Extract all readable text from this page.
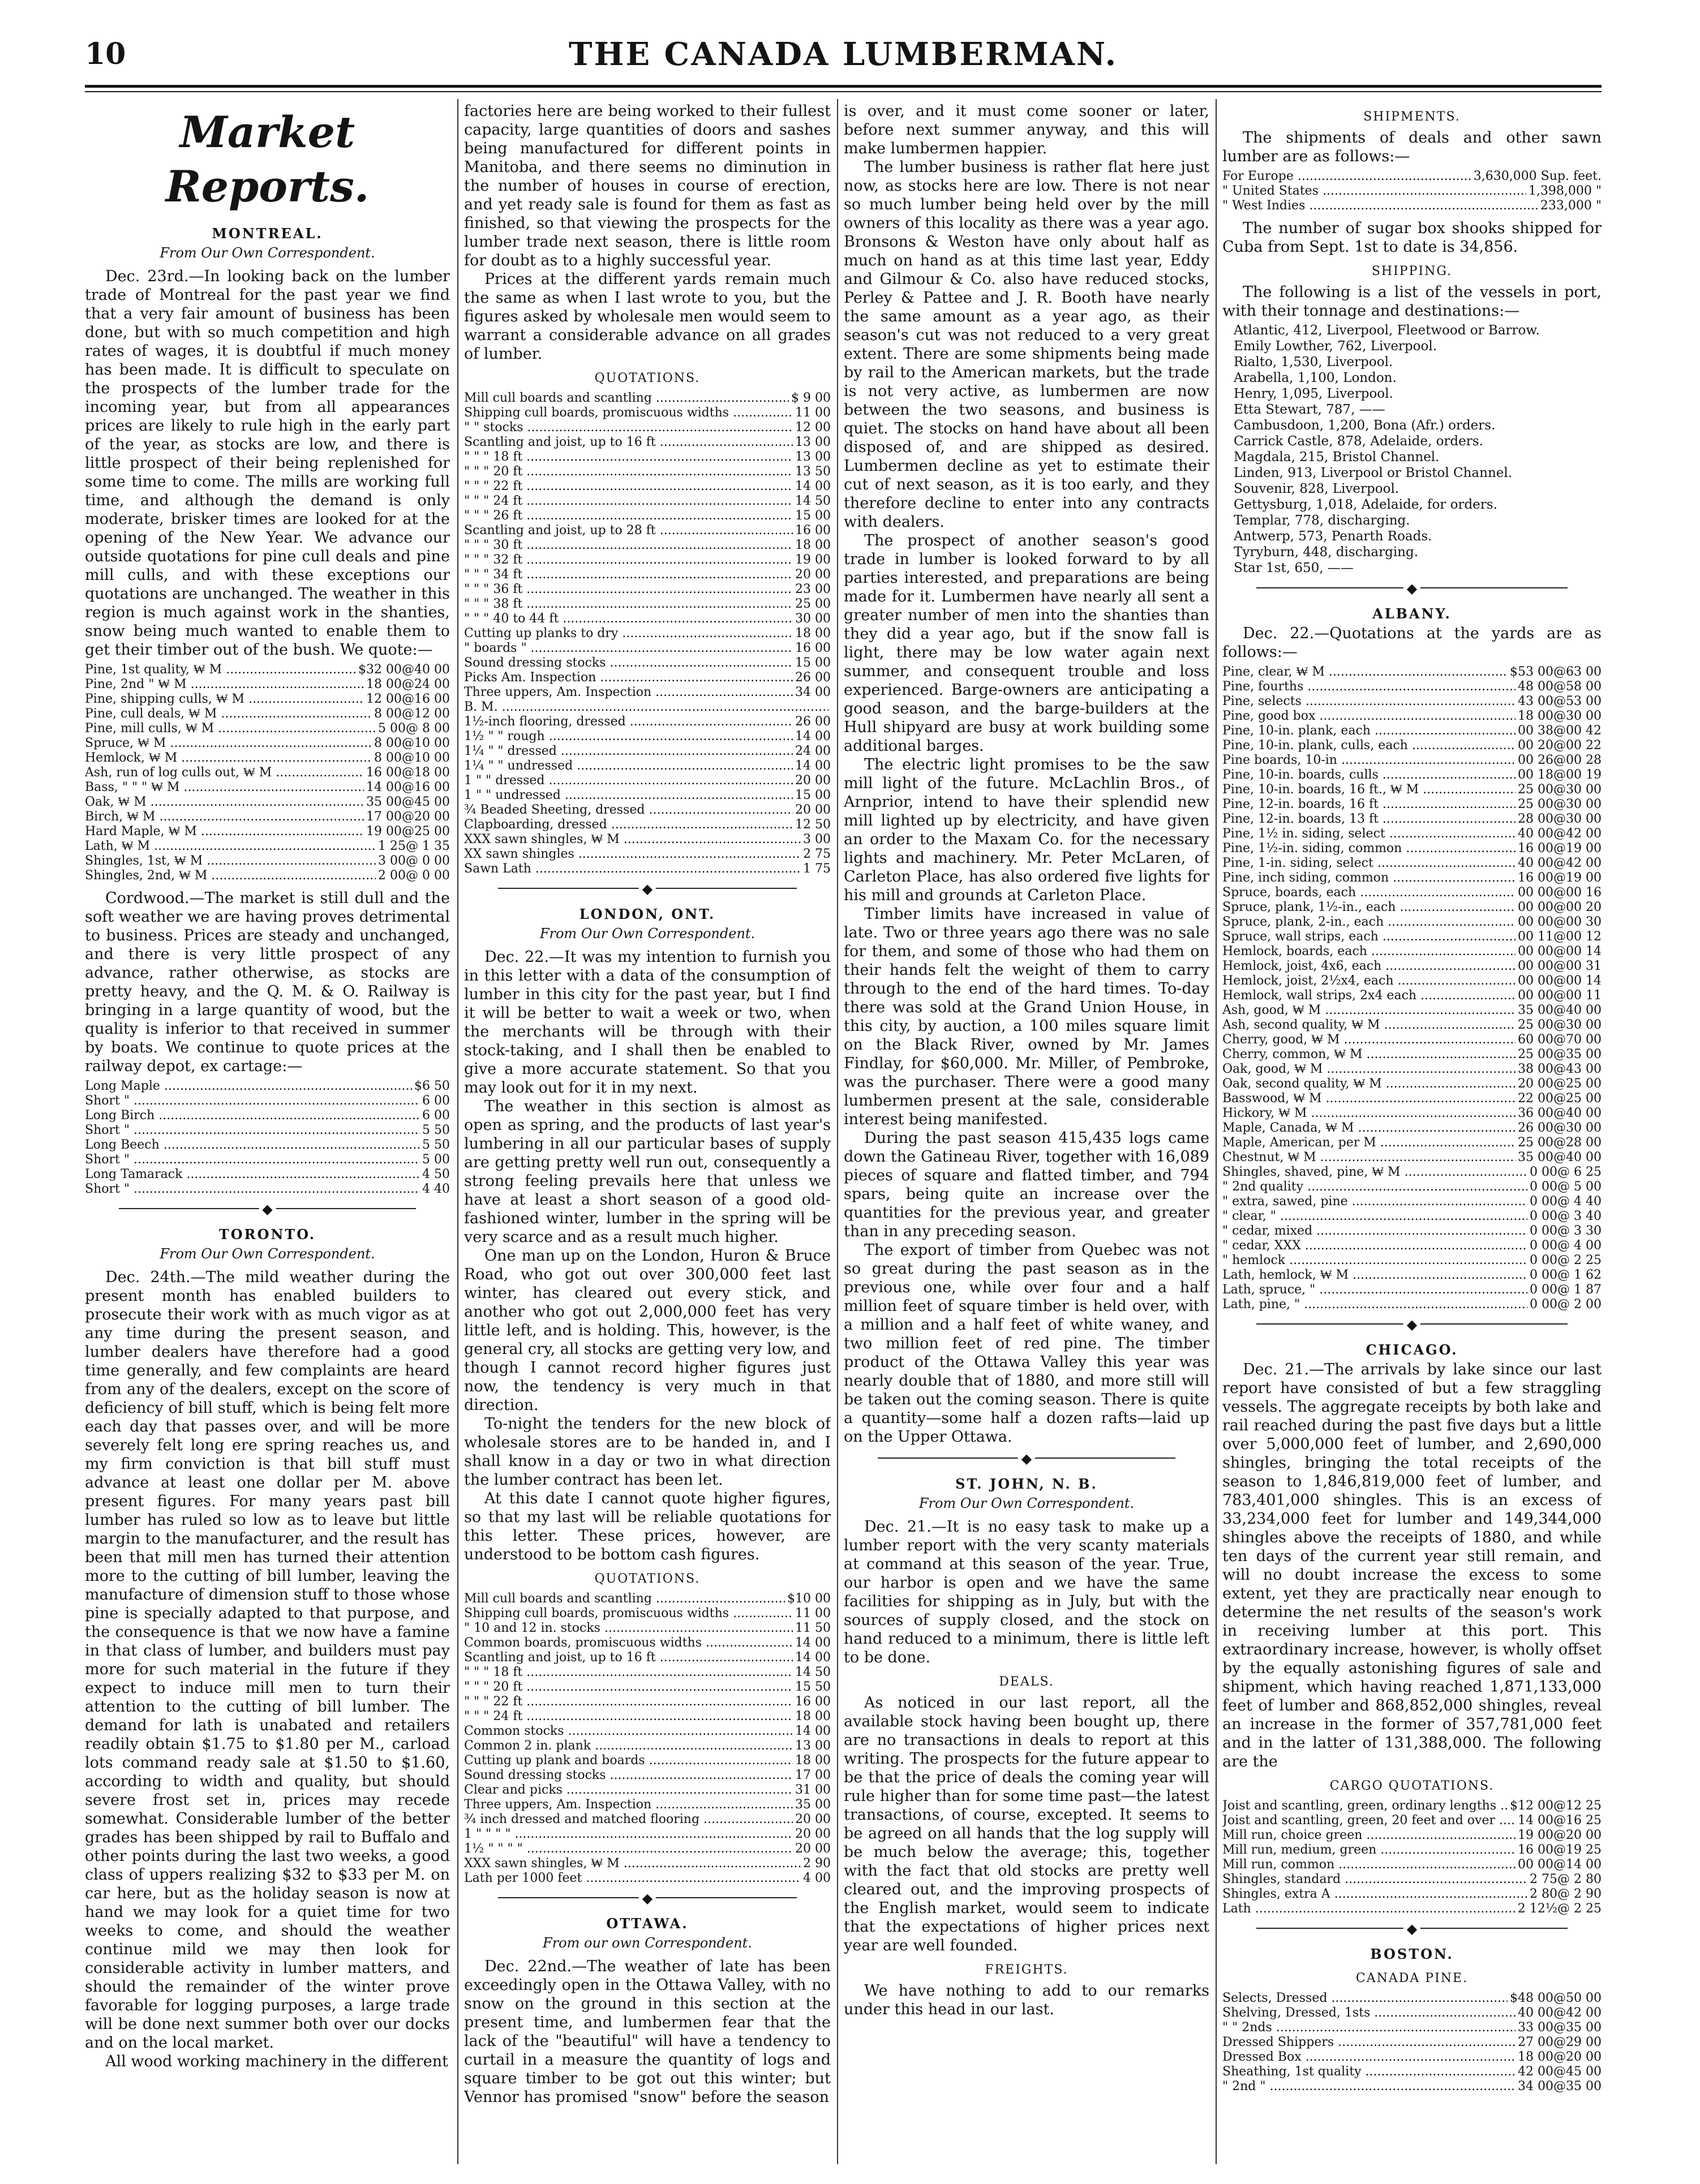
10	THE CANADA LUMBERMAN.
Market Reports.
MONTREAL.
From Our Own Correspondent.

Dec. 23rd.—In looking back on the lumber trade of Montreal for the past year we find that a very fair amount of business has been done, but with so much competition and high rates of wages, it is doubtful if much money has been made. It is difficult to speculate on the prospects of the lumber trade for the incoming year, but from all appearances prices are likely to rule high in the early part of the year, as stocks are low, and there is little prospect of their being replenished for some time to come. The mills are working full time, and although the demand is only moderate, brisker times are looked for at the opening of the New Year. We advance our outside quotations for pine cull deals and pine mill culls, and with these exceptions our quotations are unchanged. The weather in this region is much against work in the shanties, snow being much wanted to enable them to get their timber out of the bush. We quote:—

Pine, 1st quality, ₩ M .....	$32 00@40 00
Pine, 2nd " ₩ M .....	18 00@24 00
Pine, shipping culls, ₩ M .....	12 00@16 00
Pine, cull deals, ₩ M .....	8 00@12 00
Pine, mill culls, ₩ M .....	5 00@ 8 00
Spruce, ₩ M .....	8 00@10 00
Hemlock, ₩ M .....	8 00@10 00
Ash, run of log culls out, ₩ M .....	16 00@18 00
Bass, " " " ₩ M .....	14 00@16 00
Oak, ₩ M .....	35 00@45 00
Birch, ₩ M .....	17 00@20 00
Hard Maple, ₩ M .....	19 00@25 00
Lath, ₩ M .....	1 25@ 1 35
Shingles, 1st, ₩ M .....	3 00@ 0 00
Shingles, 2nd, ₩ M .....	2 00@ 0 00

Cordwood.—The market is still dull and the soft weather we are having proves detrimental to business. Prices are steady and unchanged, and there is very little prospect of any advance, rather otherwise, as stocks are pretty heavy, and the Q. M. & O. Railway is bringing in a large quantity of wood, but the quality is inferior to that received in summer by boats. We continue to quote prices at the railway depot, ex cartage:—

Long Maple .....	$6 50
Short " .....	6 00
Long Birch .....	6 00
Short " .....	5 50
Long Beech .....	5 50
Short " .....	5 00
Long Tamarack .....	4 50
Short " .....	4 40
◆
TORONTO.
From Our Own Correspondent.

Dec. 24th.—The mild weather during the present month has enabled builders to prosecute their work with as much vigor as at any time during the present season, and lumber dealers have therefore had a good time generally, and few complaints are heard from any of the dealers, except on the score of deficiency of bill stuff, which is being felt more each day that passes over, and will be more severely felt long ere spring reaches us, and my firm conviction is that bill stuff must advance at least one dollar per M. above present figures. For many years past bill lumber has ruled so low as to leave but little margin to the manufacturer, and the result has been that mill men has turned their attention more to the cutting of bill lumber, leaving the manufacture of dimension stuff to those whose pine is specially adapted to that purpose, and the consequence is that we now have a famine in that class of lumber, and builders must pay more for such material in the future if they expect to induce mill men to turn their attention to the cutting of bill lumber. The demand for lath is unabated and retailers readily obtain $1.75 to $1.80 per M., carload lots command ready sale at $1.50 to $1.60, according to width and quality, but should severe frost set in, prices may recede somewhat. Considerable lumber of the better grades has been shipped by rail to Buffalo and other points during the last two weeks, a good class of uppers realizing $32 to $33 per M. on car here, but as the holiday season is now at hand we may look for a quiet time for two weeks to come, and should the weather continue mild we may then look for considerable activity in lumber matters, and should the remainder of the winter prove favorable for logging purposes, a large trade will be done next summer both over our docks and on the local market.

All wood working machinery in the different

factories here are being worked to their fullest capacity, large quantities of doors and sashes being manufactured for different points in Manitoba, and there seems no diminution in the number of houses in course of erection, and yet ready sale is found for them as fast as finished, so that viewing the prospects for the lumber trade next season, there is little room for doubt as to a highly successful year.

Prices at the different yards remain much the same as when I last wrote to you, but the figures asked by wholesale men would seem to warrant a considerable advance on all grades of lumber.

QUOTATIONS.
Mill cull boards and scantling .....	$ 9 00
Shipping cull boards, promiscuous widths .....	11 00
" " stocks .....	12 00
Scantling and joist, up to 16 ft .....	13 00
" " " 18 ft .....	13 00
" " " 20 ft .....	13 50
" " " 22 ft .....	14 00
" " " 24 ft .....	14 50
" " " 26 ft .....	15 00
Scantling and joist, up to 28 ft .....	16 00
" " " 30 ft .....	18 00
" " " 32 ft .....	19 00
" " " 34 ft .....	20 00
" " " 36 ft .....	23 00
" " " 38 ft .....	25 00
" " " 40 to 44 ft .....	30 00
Cutting up planks to dry .....	18 00
" boards " .....	16 00
Sound dressing stocks .....	15 00
Picks Am. Inspection .....	26 00
Three uppers, Am. Inspection .....	34 00
B. M. .....
1½-inch flooring, dressed .....	26 00
1½ " " rough .....	14 00
1¼ " " dressed .....	24 00
1¼ " " undressed .....	14 00
1 " " dressed .....	20 00
1 " " undressed .....	15 00
¾ Beaded Sheeting, dressed .....	20 00
Clapboarding, dressed .....	12 50
XXX sawn shingles, ₩ M .....	3 00
XX sawn shingles .....	2 75
Sawn Lath .....	1 75
◆
LONDON, ONT.
From Our Own Correspondent.

Dec. 22.—It was my intention to furnish you in this letter with a data of the consumption of lumber in this city for the past year, but I find it will be better to wait a week or two, when the merchants will be through with their stock-taking, and I shall then be enabled to give a more accurate statement. So that you may look out for it in my next.

The weather in this section is almost as open as spring, and the products of last year's lumbering in all our particular bases of supply are getting pretty well run out, consequently a strong feeling prevails here that unless we have at least a short season of a good old-fashioned winter, lumber in the spring will be very scarce and as a result much higher.

One man up on the London, Huron & Bruce Road, who got out over 300,000 feet last winter, has cleared out every stick, and another who got out 2,000,000 feet has very little left, and is holding. This, however, is the general cry, all stocks are getting very low, and though I cannot record higher figures just now, the tendency is very much in that direction.

To-night the tenders for the new block of wholesale stores are to be handed in, and I shall know in a day or two in what direction the lumber contract has been let.

At this date I cannot quote higher figures, so that my last will be reliable quotations for this letter. These prices, however, are understood to be bottom cash figures.

QUOTATIONS.
Mill cull boards and scantling .....	$10 00
Shipping cull boards, promiscuous widths .....	11 00
" 10 and 12 in. stocks .....	11 50
Common boards, promiscuous widths .....	14 00
Scantling and joist, up to 16 ft .....	14 00
" " " 18 ft .....	14 50
" " " 20 ft .....	15 50
" " " 22 ft .....	16 00
" " " 24 ft .....	18 00
Common stocks .....	14 00
Common 2 in. plank .....	13 00
Cutting up plank and boards .....	18 00
Sound dressing stocks .....	17 00
Clear and picks .....	31 00
Three uppers, Am. Inspection .....	35 00
¾ inch dressed and matched flooring .....	20 00
1 " " " " .....	20 00
1½ " " " " .....	20 00
XXX sawn shingles, ₩ M .....	2 90
Lath per 1000 feet .....	4 00
◆
OTTAWA.
From our own Correspondent.

Dec. 22nd.—The weather of late has been exceedingly open in the Ottawa Valley, with no snow on the ground in this section at the present time, and lumbermen fear that the lack of the "beautiful" will have a tendency to curtail in a measure the quantity of logs and square timber to be got out this winter; but Vennor has promised "snow" before the season

is over, and it must come sooner or later, before next summer anyway, and this will make lumbermen happier.

The lumber business is rather flat here just now, as stocks here are low. There is not near so much lumber being held over by the mill owners of this locality as there was a year ago. Bronsons & Weston have only about half as much on hand as at this time last year, Eddy and Gilmour & Co. also have reduced stocks, Perley & Pattee and J. R. Booth have nearly the same amount as a year ago, as their season's cut was not reduced to a very great extent. There are some shipments being made by rail to the American markets, but the trade is not very active, as lumbermen are now between the two seasons, and business is quiet. The stocks on hand have about all been disposed of, and are shipped as desired. Lumbermen decline as yet to estimate their cut of next season, as it is too early, and they therefore decline to enter into any contracts with dealers.

The prospect of another season's good trade in lumber is looked forward to by all parties interested, and preparations are being made for it. Lumbermen have nearly all sent a greater number of men into the shanties than they did a year ago, but if the snow fall is light, there may be low water again next summer, and consequent trouble and loss experienced. Barge-owners are anticipating a good season, and the barge-builders at the Hull shipyard are busy at work building some additional barges.

The electric light promises to be the saw mill light of the future. McLachlin Bros., of Arnprior, intend to have their splendid new mill lighted up by electricity, and have given an order to the Maxam Co. for the necessary lights and machinery. Mr. Peter McLaren, of Carleton Place, has also ordered five lights for his mill and grounds at Carleton Place.

Timber limits have increased in value of late. Two or three years ago there was no sale for them, and some of those who had them on their hands felt the weight of them to carry through to the end of the hard times. To-day there was sold at the Grand Union House, in this city, by auction, a 100 miles square limit on the Black River, owned by Mr. James Findlay, for $60,000. Mr. Miller, of Pembroke, was the purchaser. There were a good many lumbermen present at the sale, considerable interest being manifested.

During the past season 415,435 logs came down the Gatineau River, together with 16,089 pieces of square and flatted timber, and 794 spars, being quite an increase over the quantities for the previous year, and greater than in any preceding season.

The export of timber from Quebec was not so great during the past season as in the previous one, while over four and a half million feet of square timber is held over, with a million and a half feet of white waney, and two million feet of red pine. The timber product of the Ottawa Valley this year was nearly double that of 1880, and more still will be taken out the coming season. There is quite a quantity—some half a dozen rafts—laid up on the Upper Ottawa.

◆
ST. JOHN, N. B.
From Our Own Correspondent.

Dec. 21.—It is no easy task to make up a lumber report with the very scanty materials at command at this season of the year. True, our harbor is open and we have the same facilities for shipping as in July, but with the sources of supply closed, and the stock on hand reduced to a minimum, there is little left to be done.

DEALS.

As noticed in our last report, all the available stock having been bought up, there are no transactions in deals to report at this writing. The prospects for the future appear to be that the price of deals the coming year will rule higher than for some time past—the latest transactions, of course, excepted. It seems to be agreed on all hands that the log supply will be much below the average; this, together with the fact that old stocks are pretty well cleared out, and the improving prospects of the English market, would seem to indicate that the expectations of higher prices next year are well founded.

FREIGHTS.

We have nothing to add to our remarks under this head in our last.

SHIPMENTS.

The shipments of deals and other sawn lumber are as follows:—

For Europe .....	3,630,000 Sup. feet.
" United States .....	1,398,000 "
" West Indies .....	233,000 "

The number of sugar box shooks shipped for Cuba from Sept. 1st to date is 34,856.

SHIPPING.

The following is a list of the vessels in port, with their tonnage and destinations:—

Atlantic, 412, Liverpool, Fleetwood or Barrow.
Emily Lowther, 762, Liverpool.
Rialto, 1,530, Liverpool.
Arabella, 1,100, London.
Henry, 1,095, Liverpool.
Etta Stewart, 787, ——
Cambusdoon, 1,200, Bona (Afr.) orders.
Carrick Castle, 878, Adelaide, orders.
Magdala, 215, Bristol Channel.
Linden, 913, Liverpool or Bristol Channel.
Souvenir, 828, Liverpool.
Gettysburg, 1,018, Adelaide, for orders.
Templar, 778, discharging.
Antwerp, 573, Penarth Roads.
Tyryburn, 448, discharging.
Star 1st, 650, ——
◆
ALBANY.

Dec. 22.—Quotations at the yards are as follows:—

Pine, clear, ₩ M .....	$53 00@63 00
Pine, fourths .....	48 00@58 00
Pine, selects .....	43 00@53 00
Pine, good box .....	18 00@30 00
Pine, 10-in. plank, each .....	00 38@00 42
Pine, 10-in. plank, culls, each .....	00 20@00 22
Pine boards, 10-in .....	00 26@00 28
Pine, 10-in. boards, culls .....	00 18@00 19
Pine, 10-in. boards, 16 ft., ₩ M .....	25 00@30 00
Pine, 12-in. boards, 16 ft .....	25 00@30 00
Pine, 12-in. boards, 13 ft .....	28 00@30 00
Pine, 1½ in. siding, select .....	40 00@42 00
Pine, 1½-in. siding, common .....	16 00@19 00
Pine, 1-in. siding, select .....	40 00@42 00
Pine, inch siding, common .....	16 00@19 00
Spruce, boards, each .....	00 00@00 16
Spruce, plank, 1½-in., each .....	00 00@00 20
Spruce, plank, 2-in., each .....	00 00@00 30
Spruce, wall strips, each .....	00 11@00 12
Hemlock, boards, each .....	00 00@00 14
Hemlock, joist, 4x6, each .....	00 00@00 31
Hemlock, joist, 2½x4, each .....	00 00@00 14
Hemlock, wall strips, 2x4 each .....	00 00@00 11
Ash, good, ₩ M .....	35 00@40 00
Ash, second quality, ₩ M .....	25 00@30 00
Cherry, good, ₩ M .....	60 00@70 00
Cherry, common, ₩ M .....	25 00@35 00
Oak, good, ₩ M .....	38 00@43 00
Oak, second quality, ₩ M .....	20 00@25 00
Basswood, ₩ M .....	22 00@25 00
Hickory, ₩ M .....	36 00@40 00
Maple, Canada, ₩ M .....	26 00@30 00
Maple, American, per M .....	25 00@28 00
Chestnut, ₩ M .....	35 00@40 00
Shingles, shaved, pine, ₩ M .....	0 00@ 6 25
" 2nd quality .....	0 00@ 5 00
" extra, sawed, pine .....	0 00@ 4 40
" clear, " .....	0 00@ 3 40
" cedar, mixed .....	0 00@ 3 30
" cedar, XXX .....	0 00@ 4 00
" hemlock .....	0 00@ 2 25
Lath, hemlock, ₩ M .....	0 00@ 1 62
Lath, spruce, " .....	0 00@ 1 87
Lath, pine, " .....	0 00@ 2 00
◆
CHICAGO.

Dec. 21.—The arrivals by lake since our last report have consisted of but a few straggling vessels. The aggregate receipts by both lake and rail reached during the past five days but a little over 5,000,000 feet of lumber, and 2,690,000 shingles, bringing the total receipts of the season to 1,846,819,000 feet of lumber, and 783,401,000 shingles. This is an excess of 33,234,000 feet for lumber and 149,344,000 shingles above the receipts of 1880, and while ten days of the current year still remain, and will no doubt increase the excess to some extent, yet they are practically near enough to determine the net results of the season's work in receiving lumber at this port. This extraordinary increase, however, is wholly offset by the equally astonishing figures of sale and shipment, which having reached 1,871,133,000 feet of lumber and 868,852,000 shingles, reveal an increase in the former of 357,781,000 feet and in the latter of 131,388,000. The following are the

CARGO QUOTATIONS.
Joist and scantling, green, ordinary lengths .....	$12 00@12 25
Joist and scantling, green, 20 feet and over .....	14 00@16 25
Mill run, choice green .....	19 00@20 00
Mill run, medium, green .....	16 00@19 25
Mill run, common .....	00 00@14 00
Shingles, standard .....	2 75@ 2 80
Shingles, extra A .....	2 80@ 2 90
Lath .....	2 12½@ 2 25
◆
BOSTON.
CANADA PINE.
Selects, Dressed .....	$48 00@50 00
Shelving, Dressed, 1sts .....	40 00@42 00
" " 2nds .....	33 00@35 00
Dressed Shippers .....	27 00@29 00
Dressed Box .....	18 00@20 00
Sheathing, 1st quality .....	42 00@45 00
" 2nd " .....	34 00@35 00
